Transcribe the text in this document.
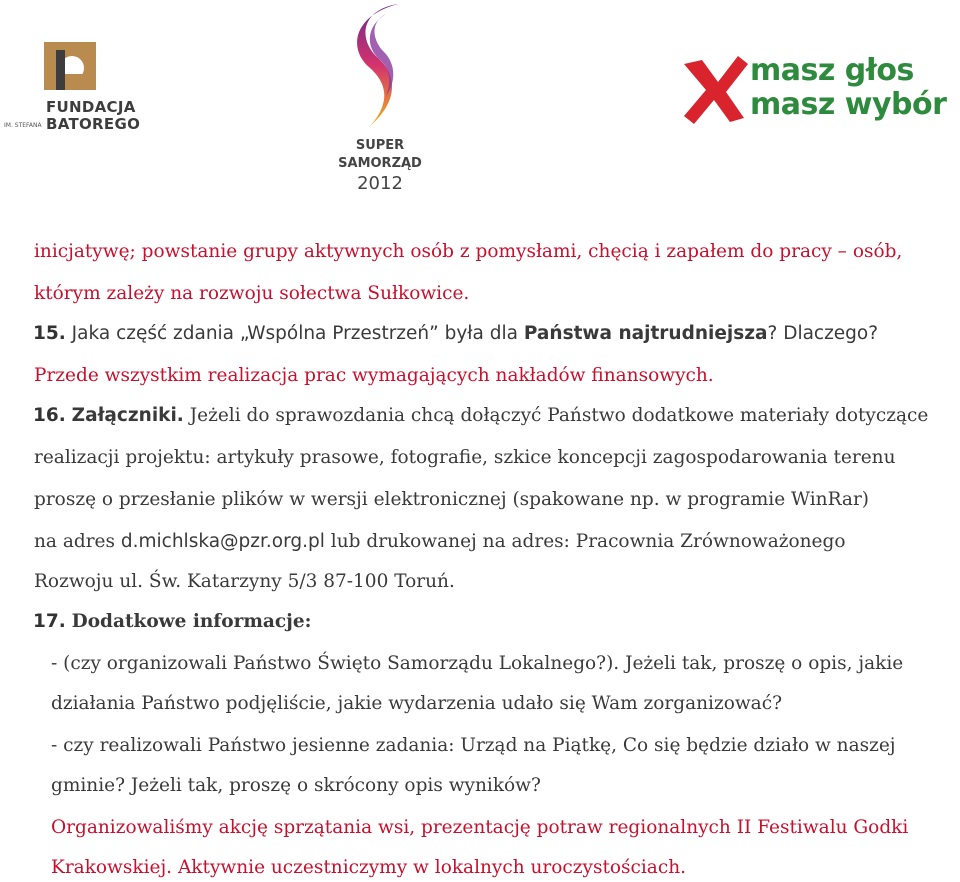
IM. STEFANA
FUNDACJA
BATOREGO
SUPER
SAMORZĄD
2012
masz głos
masz wybór
inicjatywę; powstanie grupy aktywnych osób z pomysłami, chęcią i zapałem do pracy – osób,
którym zależy na rozwoju sołectwa Sułkowice.
15. Jaka część zdania „Wspólna Przestrzeń” była dla Państwa najtrudniejsza? Dlaczego?
Przede wszystkim realizacja prac wymagających nakładów finansowych.
16. Załączniki. Jeżeli do sprawozdania chcą dołączyć Państwo dodatkowe materiały dotyczące
realizacji projektu: artykuły prasowe, fotografie, szkice koncepcji zagospodarowania terenu
proszę o przesłanie plików w wersji elektronicznej (spakowane np. w programie WinRar)
na adres d.michlska@pzr.org.pl lub drukowanej na adres: Pracownia Zrównoważonego
Rozwoju ul. Św. Katarzyny 5/3 87-100 Toruń.
17. Dodatkowe informacje:
- (czy organizowali Państwo Święto Samorządu Lokalnego?). Jeżeli tak, proszę o opis, jakie
działania Państwo podjęliście, jakie wydarzenia udało się Wam zorganizować?
- czy realizowali Państwo jesienne zadania: Urząd na Piątkę, Co się będzie działo w naszej
gminie? Jeżeli tak, proszę o skrócony opis wyników?
Organizowaliśmy akcję sprzątania wsi, prezentację potraw regionalnych II Festiwalu Godki
Krakowskiej. Aktywnie uczestniczymy w lokalnych uroczystościach.
